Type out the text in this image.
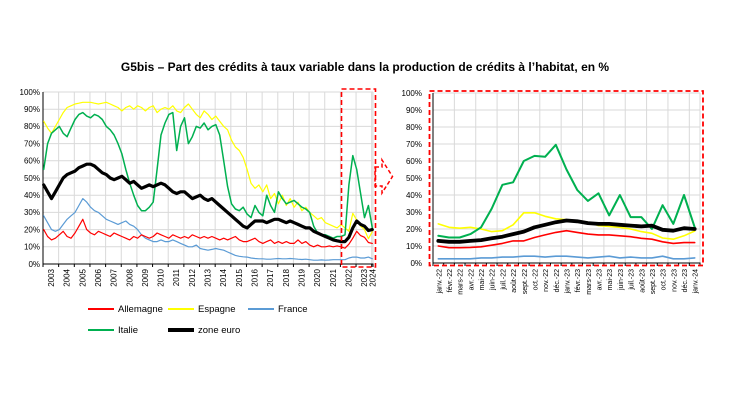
G5bis – Part des crédits à taux variable dans la production de crédits à l’habitat, en %
0%
10%
20%
30%
40%
50%
60%
70%
80%
90%
100%
2003 2004 2005 2006 2007 2008 2009 2010 2011 2012 2013 2014 2015 2016 2017 2018 2019 2020 2021 2022 2023 2024
0%
10%
20%
30%
40%
50%
60%
70%
80%
90%
100%
janv.-22 févr.-22 mars-22 avr.-22 mai-22 juin-22 juil.-22 août-22 sept.-22 oct.-22 nov.-22 déc.-22 janv.-23 févr.-23 mars-23 avr.-23 mai-23 juin-23 juil.-23 août-23 sept.-23 oct.-23 nov.-23 déc.-23 janv.-24
Allemagne	Espagne	France
Italie	zone euro
